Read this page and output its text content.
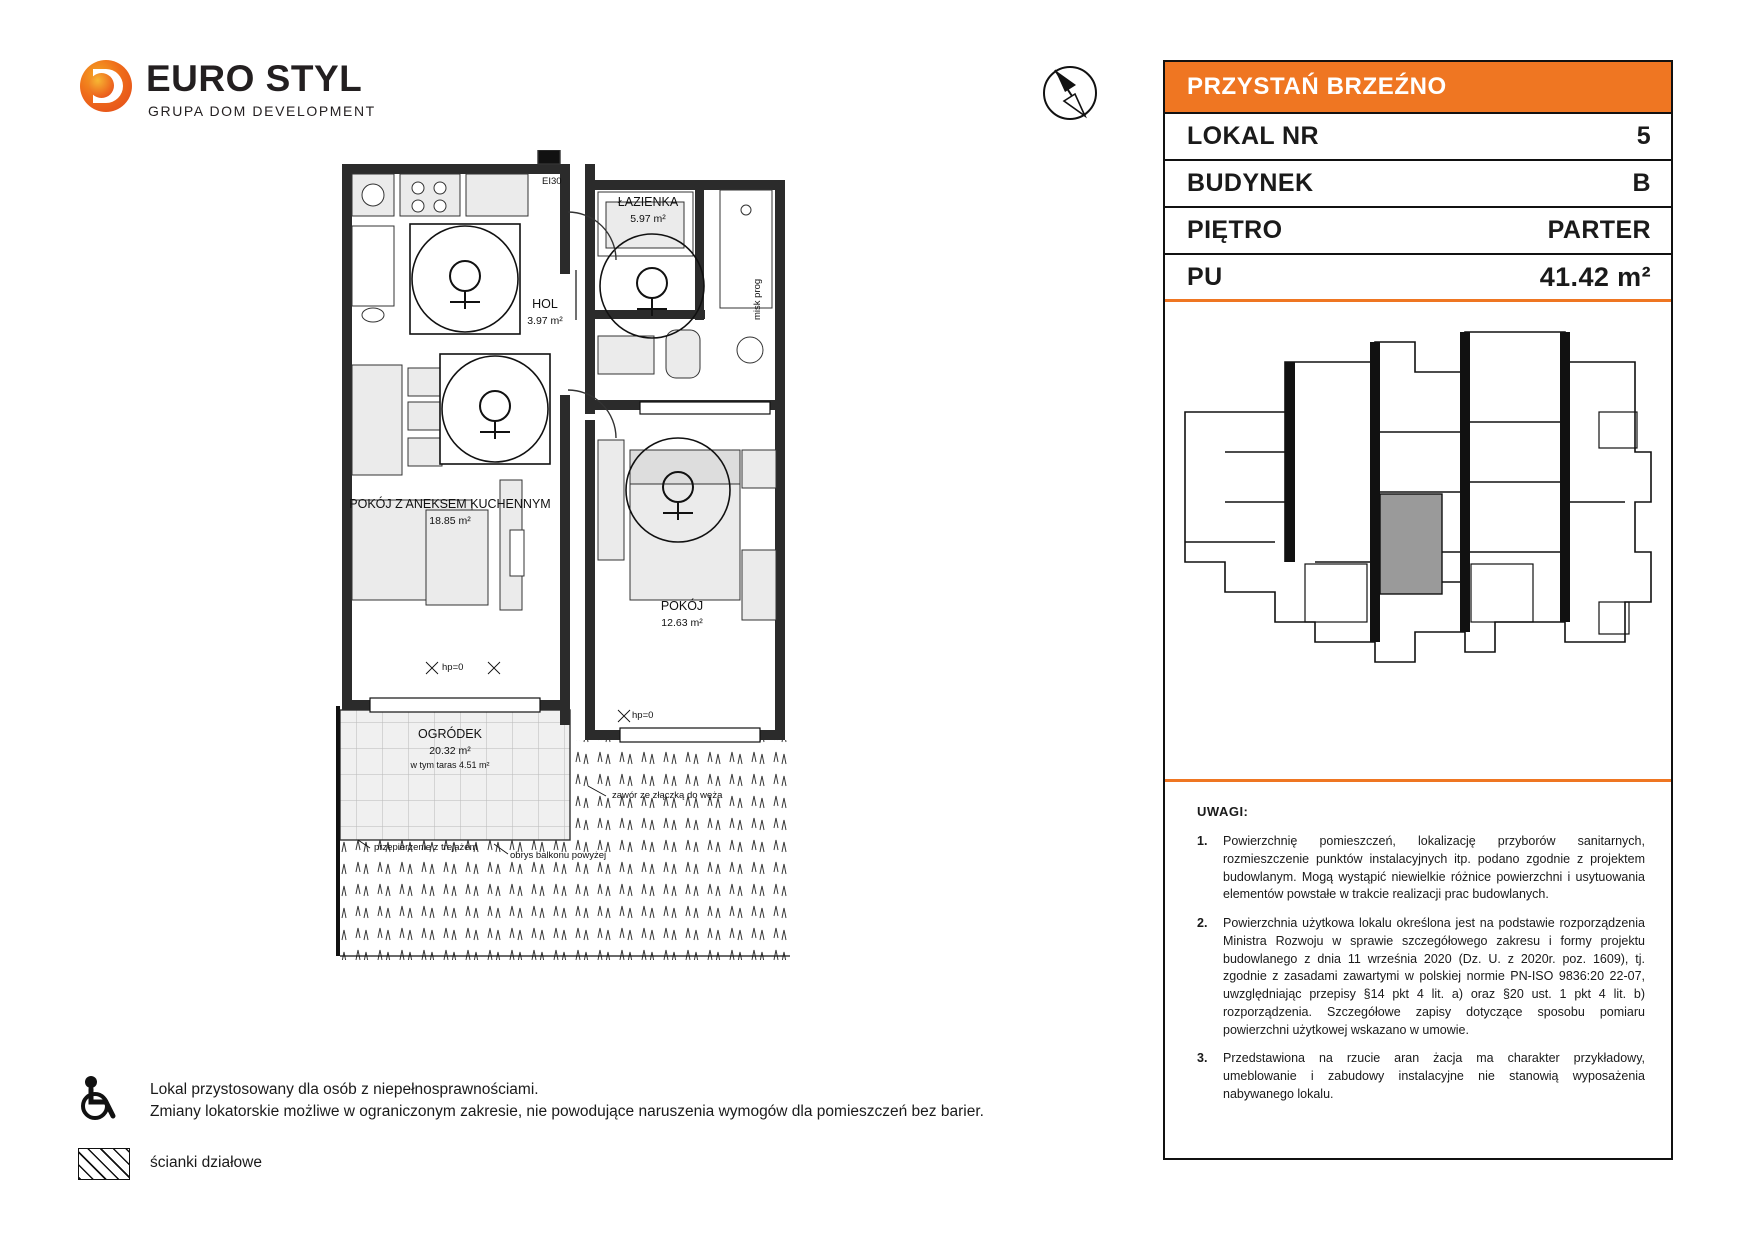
EURO STYL
GRUPA DOM DEVELOPMENT
ŁAZIENKA
5.97 m²
HOL
3.97 m²
POKÓJ Z ANEKSEM KUCHENNYM
18.85 m²
POKÓJ
12.63 m²
OGRÓDEK
20.32 m²
w tym taras 4.51 m²
EI30
misk prog
hp=0
hp=0
zawór ze złączką do węża
przepierzenie z trejażem
obrys balkonu powyżej
PRZYSTAŃ BRZEŹNO
LOKAL NR	5
BUDYNEK	B
PIĘTRO	PARTER
PU	41.42 m²
UWAGI:
1.	Powierzchnię pomieszczeń, lokalizację przyborów sanitarnych, rozmieszczenie punktów instalacyjnych itp. podano zgodnie z projektem budowlanym. Mogą wystąpić niewielkie różnice powierzchni i usytuowania elementów powstałe w trakcie realizacji prac budowlanych.
2.	Powierzchnia użytkowa lokalu określona jest na podstawie rozporządzenia Ministra Rozwoju w sprawie szczegółowego zakresu i formy projektu budowlanego z dnia 11 września 2020 (Dz. U. z 2020r. poz. 1609), tj. zgodnie z zasadami zawartymi w polskiej normie PN-ISO 9836:20 22-07, uwzględniając przepisy §14 pkt 4 lit. a) oraz §20 ust. 1 pkt 4 lit. b) rozporządzenia. Szczegółowe zapisy dotyczące sposobu pomiaru powierzchni użytkowej wskazano w umowie.
3.	Przedstawiona na rzucie aran żacja ma charakter przykładowy, umeblowanie i zabudowy instalacyjne nie stanowią wyposażenia nabywanego lokalu.
Lokal przystosowany dla osób z niepełnosprawnościami.
Zmiany lokatorskie możliwe w ograniczonym zakresie, nie powodujące naruszenia wymogów dla pomieszczeń bez barier.
ścianki działowe
